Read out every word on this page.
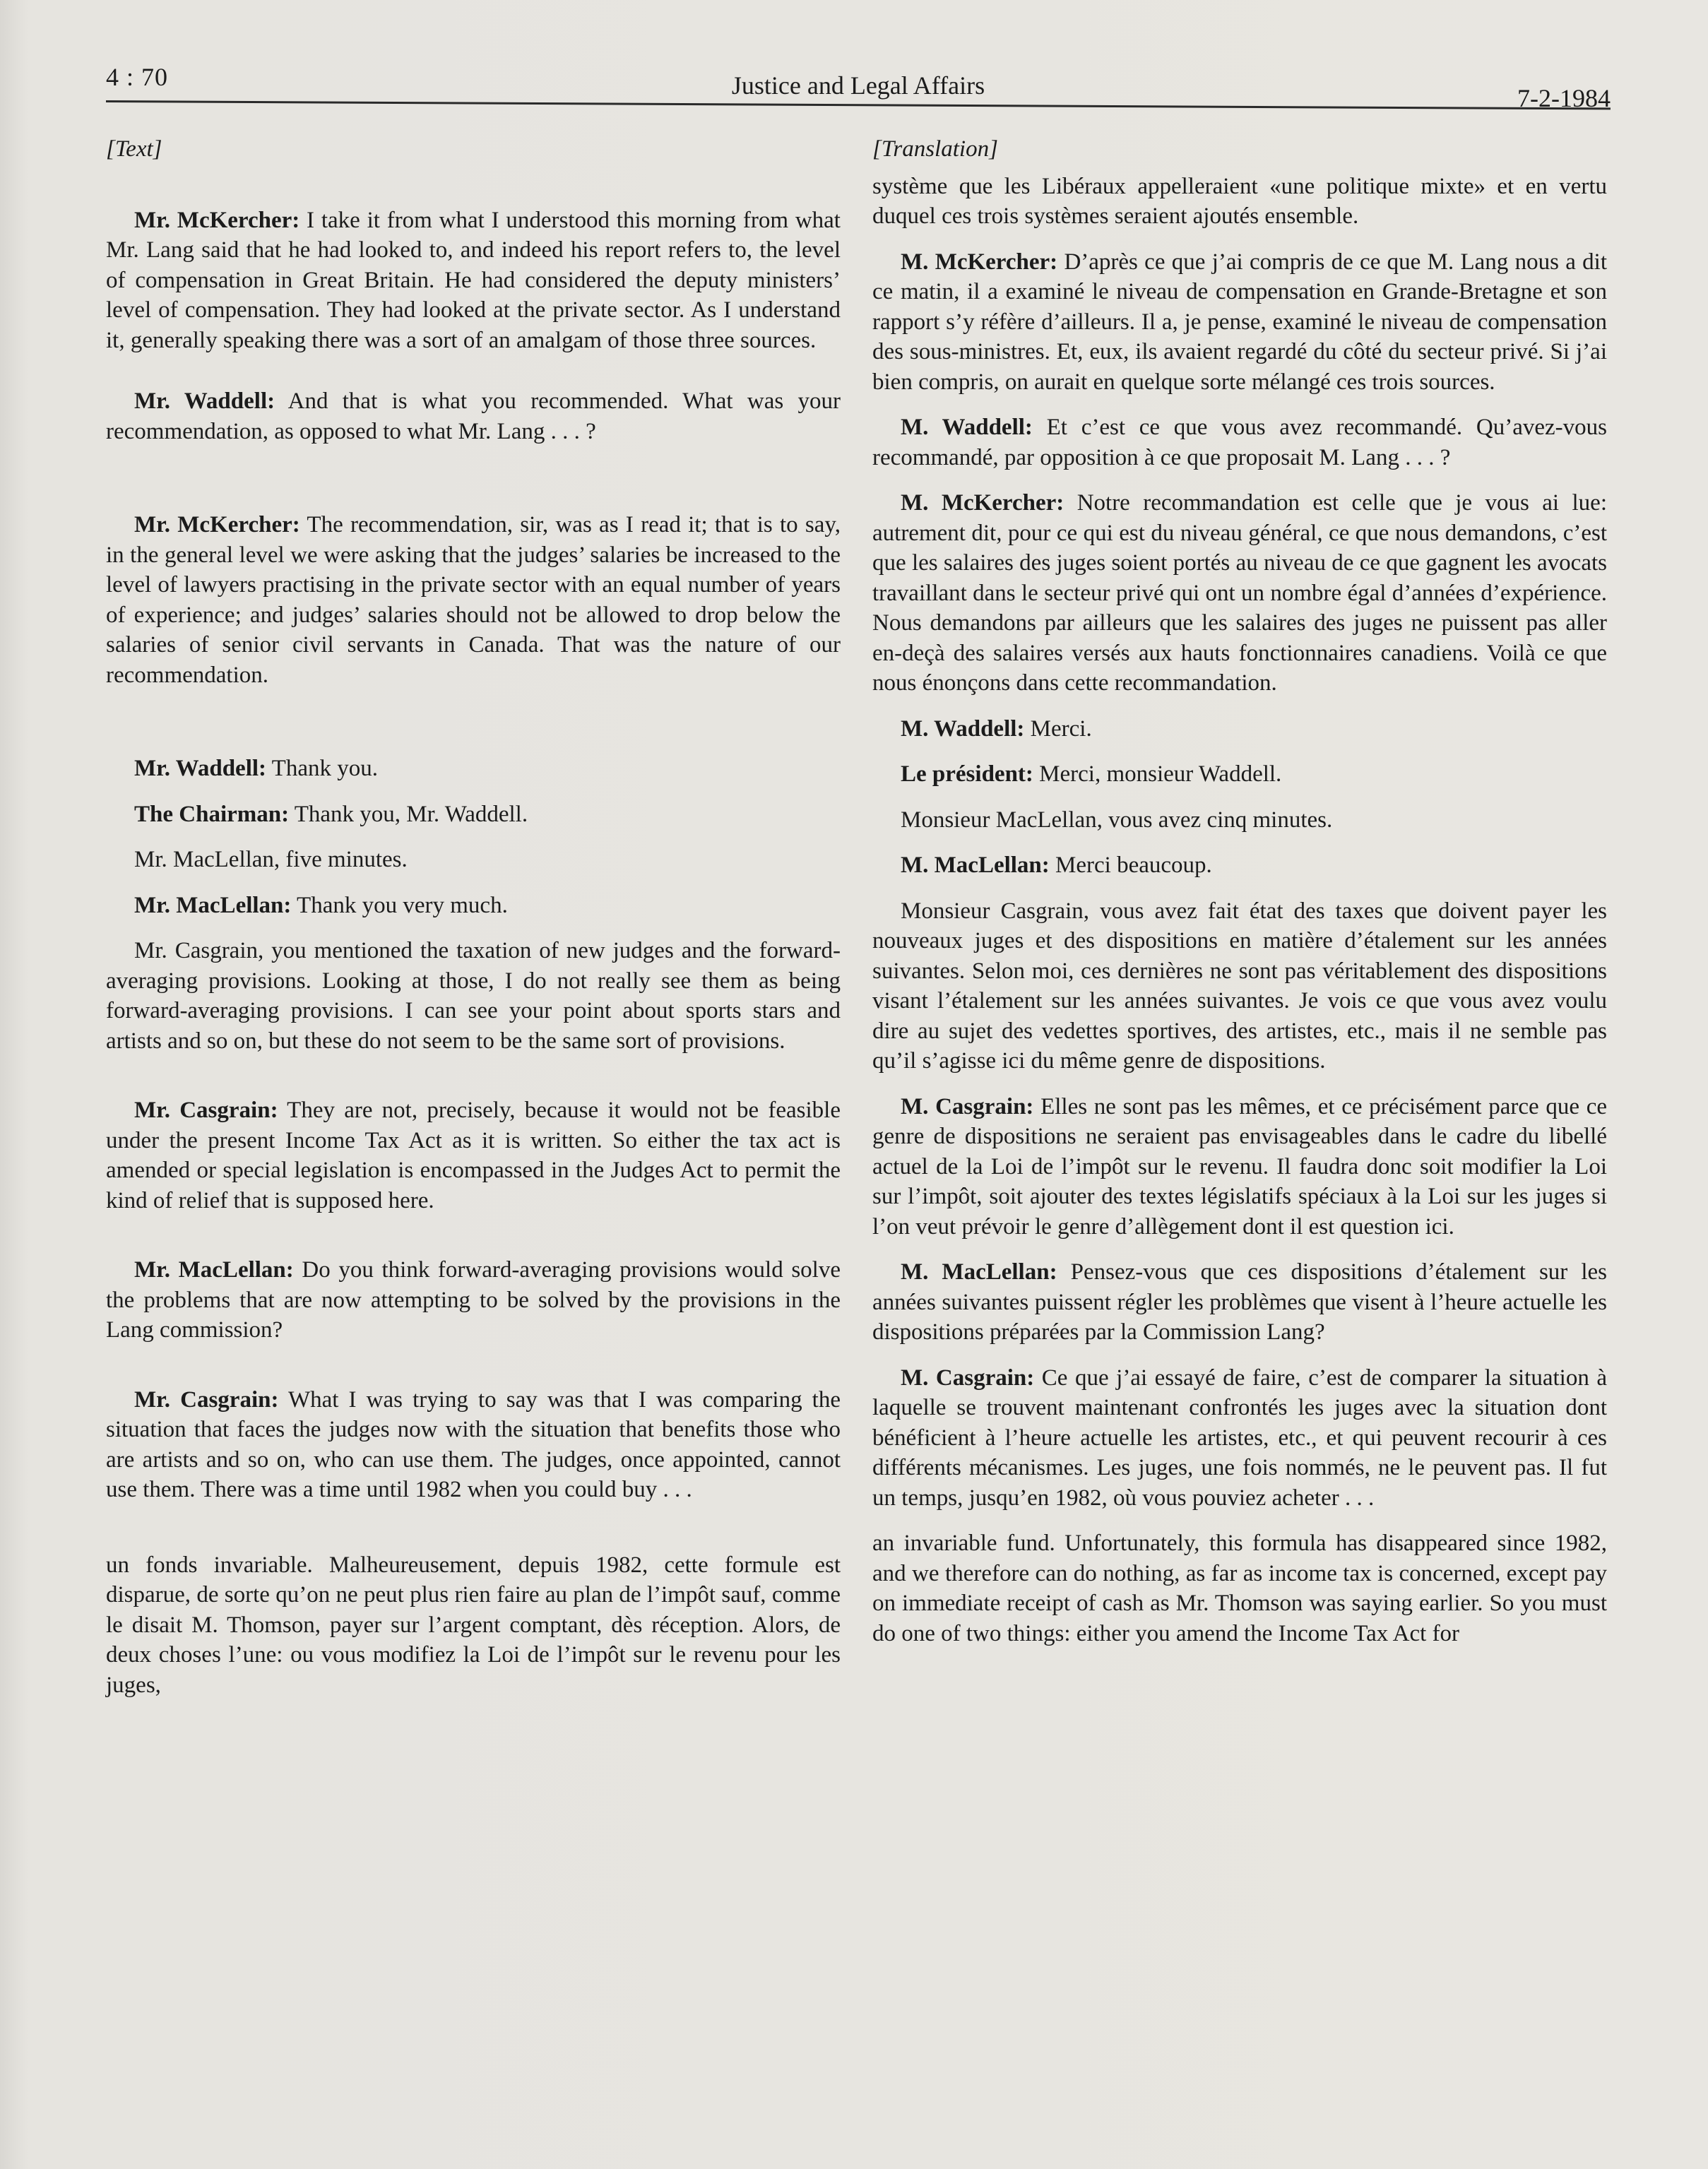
4 : 70	Justice and Legal Affairs	7-2-1984

[Text]

Mr. McKercher: I take it from what I understood this morning from what Mr. Lang said that he had looked to, and indeed his report refers to, the level of compensation in Great Britain. He had considered the deputy ministers’ level of compensation. They had looked at the private sector. As I understand it, generally speaking there was a sort of an amalgam of those three sources.

Mr. Waddell: And that is what you recommended. What was your recommendation, as opposed to what Mr. Lang . . . ?

Mr. McKercher: The recommendation, sir, was as I read it; that is to say, in the general level we were asking that the judges’ salaries be increased to the level of lawyers practising in the private sector with an equal number of years of experience; and judges’ salaries should not be allowed to drop below the salaries of senior civil servants in Canada. That was the nature of our recommendation.

Mr. Waddell: Thank you.

The Chairman: Thank you, Mr. Waddell.

Mr. MacLellan, five minutes.

Mr. MacLellan: Thank you very much.

Mr. Casgrain, you mentioned the taxation of new judges and the forward-averaging provisions. Looking at those, I do not really see them as being forward-averaging provisions. I can see your point about sports stars and artists and so on, but these do not seem to be the same sort of provisions.

Mr. Casgrain: They are not, precisely, because it would not be feasible under the present Income Tax Act as it is written. So either the tax act is amended or special legislation is encompassed in the Judges Act to permit the kind of relief that is supposed here.

Mr. MacLellan: Do you think forward-averaging provisions would solve the problems that are now attempting to be solved by the provisions in the Lang commission?

Mr. Casgrain: What I was trying to say was that I was comparing the situation that faces the judges now with the situation that benefits those who are artists and so on, who can use them. The judges, once appointed, cannot use them. There was a time until 1982 when you could buy . . .

un fonds invariable. Malheureusement, depuis 1982, cette formule est disparue, de sorte qu’on ne peut plus rien faire au plan de l’impôt sauf, comme le disait M. Thomson, payer sur l’argent comptant, dès réception. Alors, de deux choses l’une: ou vous modifiez la Loi de l’impôt sur le revenu pour les juges,

[Translation]

système que les Libéraux appelleraient «une politique mixte» et en vertu duquel ces trois systèmes seraient ajoutés ensemble.

M. McKercher: D’après ce que j’ai compris de ce que M. Lang nous a dit ce matin, il a examiné le niveau de compensation en Grande-Bretagne et son rapport s’y réfère d’ailleurs. Il a, je pense, examiné le niveau de compensation des sous-ministres. Et, eux, ils avaient regardé du côté du secteur privé. Si j’ai bien compris, on aurait en quelque sorte mélangé ces trois sources.

M. Waddell: Et c’est ce que vous avez recommandé. Qu’avez-vous recommandé, par opposition à ce que proposait M. Lang . . . ?

M. McKercher: Notre recommandation est celle que je vous ai lue: autrement dit, pour ce qui est du niveau général, ce que nous demandons, c’est que les salaires des juges soient portés au niveau de ce que gagnent les avocats travaillant dans le secteur privé qui ont un nombre égal d’années d’expérience. Nous demandons par ailleurs que les salaires des juges ne puissent pas aller en-deçà des salaires versés aux hauts fonctionnaires canadiens. Voilà ce que nous énonçons dans cette recommandation.

M. Waddell: Merci.

Le président: Merci, monsieur Waddell.

Monsieur MacLellan, vous avez cinq minutes.

M. MacLellan: Merci beaucoup.

Monsieur Casgrain, vous avez fait état des taxes que doivent payer les nouveaux juges et des dispositions en matière d’étalement sur les années suivantes. Selon moi, ces dernières ne sont pas véritablement des dispositions visant l’étalement sur les années suivantes. Je vois ce que vous avez voulu dire au sujet des vedettes sportives, des artistes, etc., mais il ne semble pas qu’il s’agisse ici du même genre de dispositions.

M. Casgrain: Elles ne sont pas les mêmes, et ce précisément parce que ce genre de dispositions ne seraient pas envisageables dans le cadre du libellé actuel de la Loi de l’impôt sur le revenu. Il faudra donc soit modifier la Loi sur l’impôt, soit ajouter des textes législatifs spéciaux à la Loi sur les juges si l’on veut prévoir le genre d’allègement dont il est question ici.

M. MacLellan: Pensez-vous que ces dispositions d’étalement sur les années suivantes puissent régler les problèmes que visent à l’heure actuelle les dispositions préparées par la Commission Lang?

M. Casgrain: Ce que j’ai essayé de faire, c’est de comparer la situation à laquelle se trouvent maintenant confrontés les juges avec la situation dont bénéficient à l’heure actuelle les artistes, etc., et qui peuvent recourir à ces différents mécanismes. Les juges, une fois nommés, ne le peuvent pas. Il fut un temps, jusqu’en 1982, où vous pouviez acheter . . .

an invariable fund. Unfortunately, this formula has disappeared since 1982, and we therefore can do nothing, as far as income tax is concerned, except pay on immediate receipt of cash as Mr. Thomson was saying earlier. So you must do one of two things: either you amend the Income Tax Act for
